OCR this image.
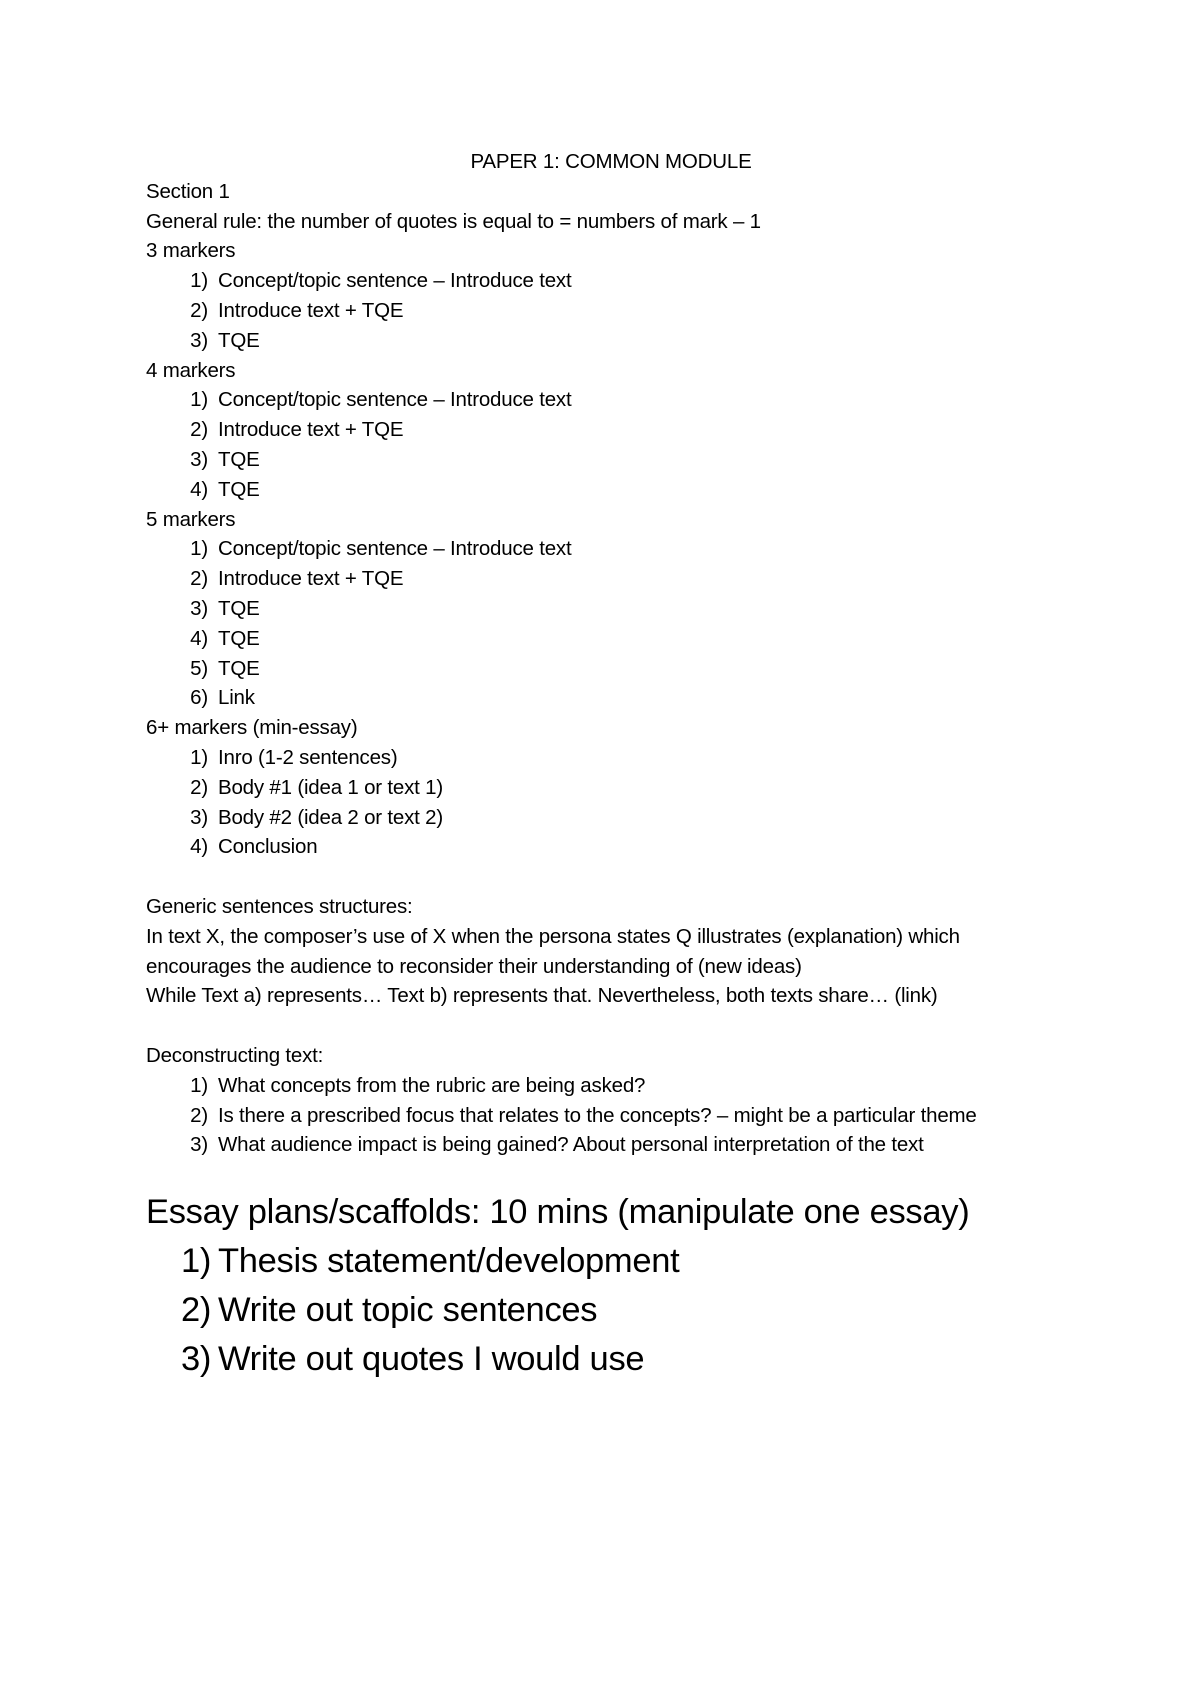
PAPER 1: COMMON MODULE
Section 1
General rule: the number of quotes is equal to = numbers of mark – 1
3 markers
1) Concept/topic sentence – Introduce text
2) Introduce text + TQE
3) TQE
4 markers
1) Concept/topic sentence – Introduce text
2) Introduce text + TQE
3) TQE
4) TQE
5 markers
1) Concept/topic sentence – Introduce text
2) Introduce text + TQE
3) TQE
4) TQE
5) TQE
6) Link
6+ markers (min-essay)
1) Inro (1-2 sentences)
2) Body #1 (idea 1 or text 1)
3) Body #2 (idea 2 or text 2)
4) Conclusion
Generic sentences structures:
In text X, the composer’s use of X when the persona states Q illustrates (explanation) which
encourages the audience to reconsider their understanding of (new ideas)
While Text a) represents… Text b) represents that. Nevertheless, both texts share… (link)
Deconstructing text:
1) What concepts from the rubric are being asked?
2) Is there a prescribed focus that relates to the concepts? – might be a particular theme
3) What audience impact is being gained? About personal interpretation of the text
Essay plans/scaffolds: 10 mins (manipulate one essay)
1) Thesis statement/development
2) Write out topic sentences
3) Write out quotes I would use
